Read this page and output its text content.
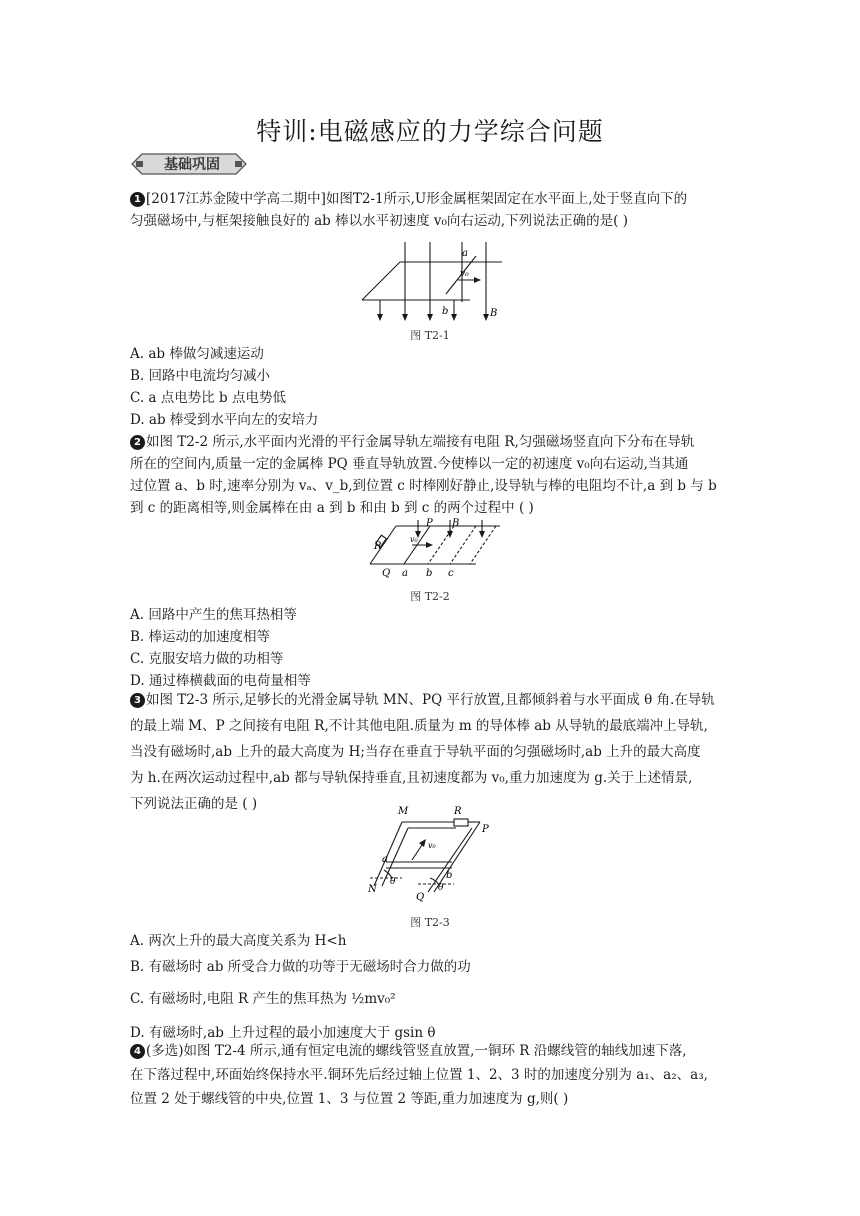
特训:电磁感应的力学综合问题
基础巩固
1 [2017江苏金陵中学高二期中]如图T2-1所示,U形金属框架固定在水平面上,处于竖直向下的
匀强磁场中,与框架接触良好的 ab 棒以水平初速度 v₀向右运动,下列说法正确的是( )
a
b
v₀
B
图 T2-1
A. ab 棒做匀减速运动
B. 回路中电流均匀减小
C. a 点电势比 b 点电势低
D. ab 棒受到水平向左的安培力
2 如图 T2-2 所示,水平面内光滑的平行金属导轨左端接有电阻 R,匀强磁场竖直向下分布在导轨
所在的空间内,质量一定的金属棒 PQ 垂直导轨放置.今使棒以一定的初速度 v₀向右运动,当其通
过位置 a、b 时,速率分别为 vₐ、v_b,到位置 c 时棒刚好静止,设导轨与棒的电阻均不计,a 到 b 与 b
到 c 的距离相等,则金属棒在由 a 到 b 和由 b 到 c 的两个过程中 ( )
R
P B
v₀
Q a b c
图 T2-2
A. 回路中产生的焦耳热相等
B. 棒运动的加速度相等
C. 克服安培力做的功相等
D. 通过棒横截面的电荷量相等
3 如图 T2-3 所示,足够长的光滑金属导轨 MN、PQ 平行放置,且都倾斜着与水平面成 θ 角.在导轨
的最上端 M、P 之间接有电阻 R,不计其他电阻.质量为 m 的导体棒 ab 从导轨的最底端冲上导轨,
当没有磁场时,ab 上升的最大高度为 H;当存在垂直于导轨平面的匀强磁场时,ab 上升的最大高度
为 h.在两次运动过程中,ab 都与导轨保持垂直,且初速度都为 v₀,重力加速度为 g.关于上述情景,
下列说法正确的是 ( )	M	R
P
a
v₀
b
N
Q
θ
θ
图 T2-3
A. 两次上升的最大高度关系为 H<h
B. 有磁场时 ab 所受合力做的功等于无磁场时合力做的功
C. 有磁场时,电阻 R 产生的焦耳热为 ½mv₀²
D. 有磁场时,ab 上升过程的最小加速度大于 gsin θ
4 (多选)如图 T2-4 所示,通有恒定电流的螺线管竖直放置,一铜环 R 沿螺线管的轴线加速下落,
在下落过程中,环面始终保持水平.铜环先后经过轴上位置 1、2、3 时的加速度分别为 a₁、a₂、a₃,
位置 2 处于螺线管的中央,位置 1、3 与位置 2 等距,重力加速度为 g,则( )
